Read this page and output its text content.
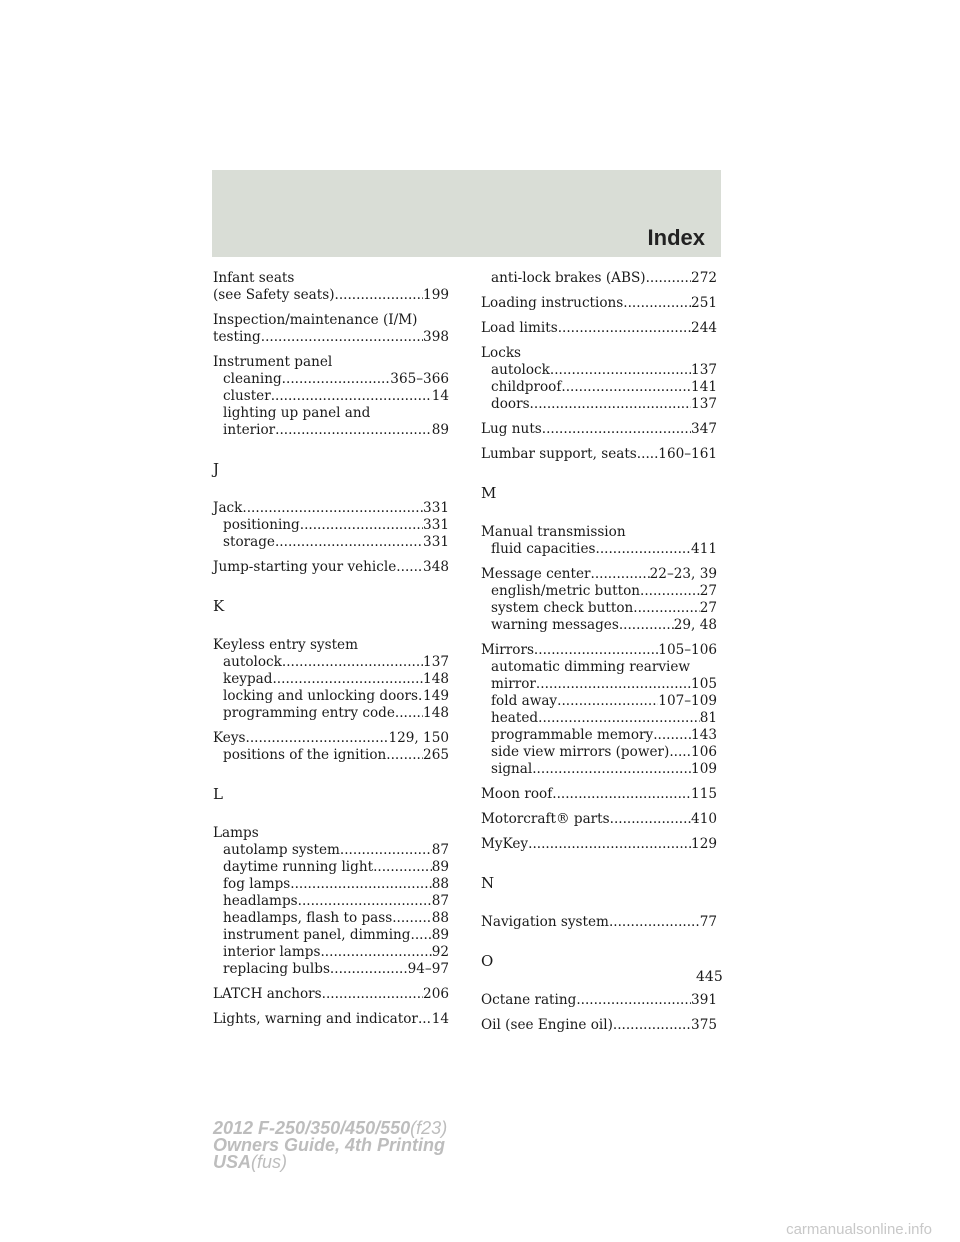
Index
Infant seats
(see Safety seats) .....	199
Inspection/maintenance (I/M)
testing .....	398
Instrument panel
cleaning .....	365–366
cluster .....	14
lighting up panel and
interior .....	89
J
Jack .....	331
positioning .....	331
storage .....	331
Jump-starting your vehicle ..... 348
K
Keyless entry system
autolock .....	137
keypad .....	148
locking and unlocking doors ..... 149
programming entry code ..... 148
Keys .....	129, 150
positions of the ignition .....	265
L
Lamps
autolamp system .....	87
daytime running light .....	89
fog lamps .....	88
headlamps .....	87
headlamps, flash to pass .....	88
instrument panel, dimming ..... 89
interior lamps .....	92
replacing bulbs .....	94–97
LATCH anchors .....	206
Lights, warning and indicator ..... 14
anti-lock brakes (ABS) .....	272
Loading instructions .....	251
Load limits .....	244
Locks
autolock .....	137
childproof .....	141
doors .....	137
Lug nuts .....	347
Lumbar support, seats ..... 160–161
M
Manual transmission
fluid capacities .....	411
Message center .....	22–23, 39
english/metric button .....	27
system check button .....	27
warning messages .....	29, 48
Mirrors .....	105–106
automatic dimming rearview
mirror .....	105
fold away .....	107–109
heated .....	81
programmable memory .....	143
side view mirrors (power) ..... 106
signal .....	109
Moon roof .....	115
Motorcraft® parts .....	410
MyKey .....	129
N
Navigation system .....	77
O
Octane rating .....	391
Oil (see Engine oil) .....	375
445
2012 F-250/350/450/550(f23)
Owners Guide, 4th Printing
USA(fus)
carmanualsonline.info
